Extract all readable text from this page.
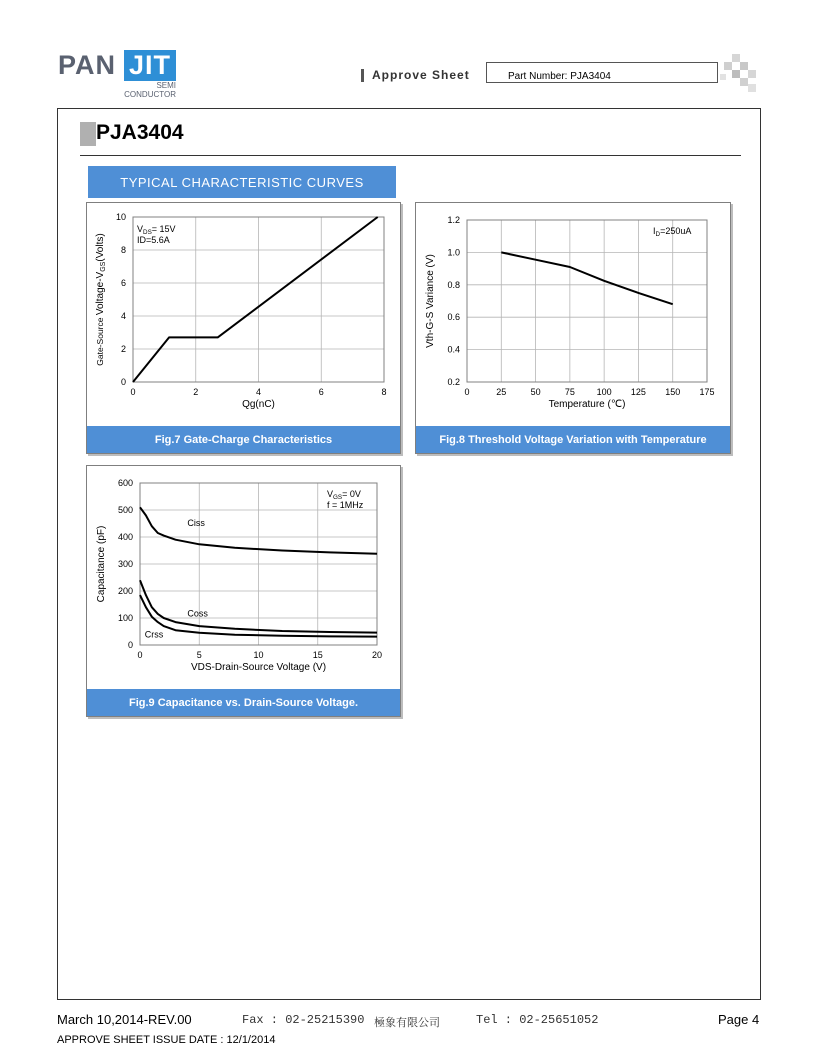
PAN JIT
SEMI
CONDUCTOR
Approve Sheet	Part Number: PJA3404
PJA3404
TYPICAL CHARACTERISTIC CURVES
0	2	4	6	8
0
2
4
6
8
10
Qg(nC)
Gate-Source Voltage-$V_{GS}(Volts)$
$V_{DS}= 15V$
ID=5.6A
Fig.7 Gate-Charge Characteristics
0	25	50	75 100 125 150 175
0.2
0.4
0.6
0.8
1.0
1.2
Temperature (℃)
Vth-G-S Variance (V)
$I_D=250uA$
Fig.8 Threshold Voltage Variation with Temperature
0	5	10	15	20
0
100
200
300
400
500
600
VDS-Drain-Source Voltage (V)
Capacitance (pF)
$V_{GS}= 0V$
f = 1MHz
Ciss
Coss
Crss
Fig.9 Capacitance vs. Drain-Source Voltage.
March 10,2014-REV.00	Fax : 02-25215390 極象有限公司	Tel : 02-25651052	Page 4
APPROVE SHEET ISSUE DATE : 12/1/2014
